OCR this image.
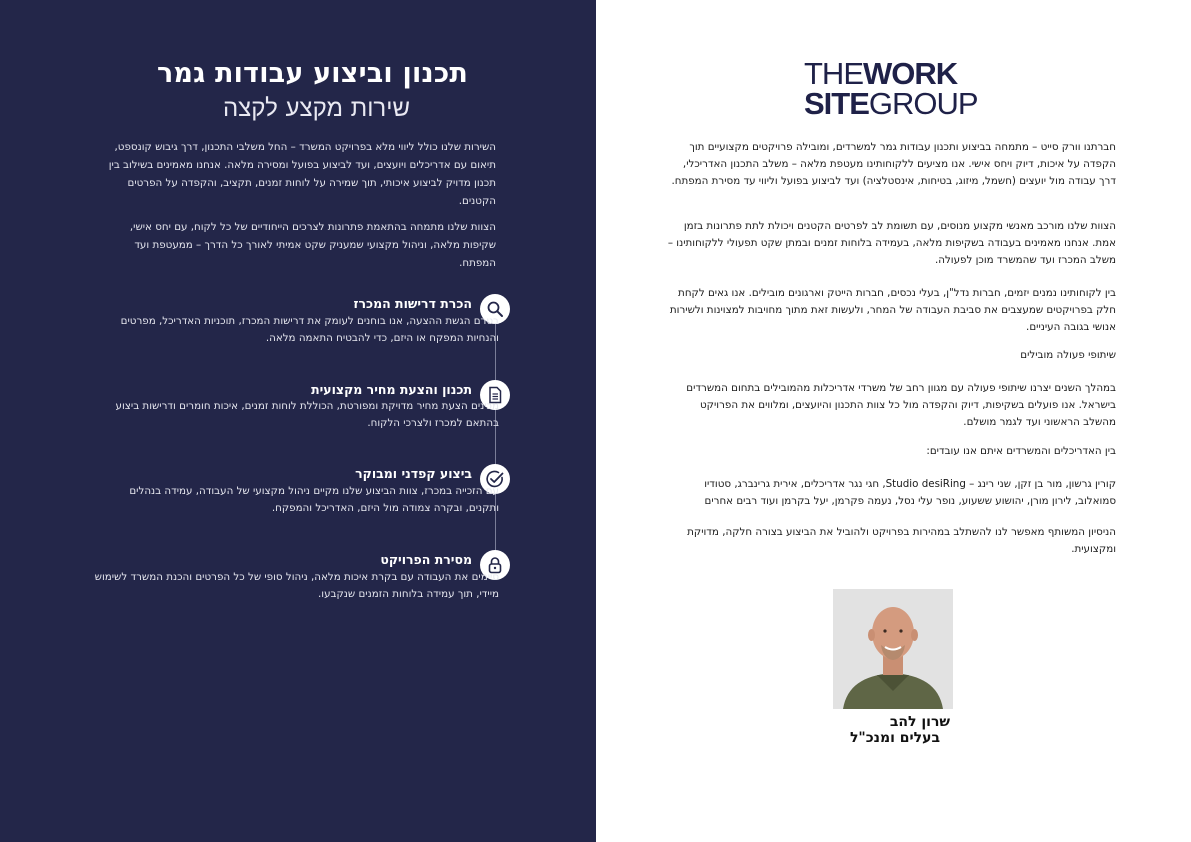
תכנון וביצוע עבודות גמר
שירות מקצע לקצה

השירות שלנו כולל ליווי מלא בפרויקט המשרד – החל משלבי התכנון, דרך גיבוש קונספט, תיאום עם אדריכלים ויועצים, ועד לביצוע בפועל ומסירה מלאה. אנחנו מאמינים בשילוב בין תכנון מדויק לביצוע איכותי, תוך שמירה על לוחות זמנים, תקציב, והקפדה על הפרטים הקטנים.

הצוות שלנו מתמחה בהתאמת פתרונות לצרכים הייחודיים של כל לקוח, עם יחס אישי, שקיפות מלאה, וניהול מקצועי שמעניק שקט אמיתי לאורך כל הדרך – ממעטפת ועד המפתח.

הכרת דרישות המכרז

בטרם הגשת ההצעה, אנו בוחנים לעומק את דרישות המכרז, תוכניות האדריכל, מפרטים והנחיות המפקח או היזם, כדי להבטיח התאמה מלאה.

תכנון והצעת מחיר מקצועית

מכינים הצעת מחיר מדויקת ומפורטת, הכוללת לוחות זמנים, איכות חומרים ודרישות ביצוע בהתאם למכרז ולצרכי הלקוח.

ביצוע קפדני ומבוקר

עם הזכייה במכרז, צוות הביצוע שלנו מקיים ניהול מקצועי של העבודה, עמידה בנהלים ותקנים, ובקרה צמודה מול היזם, האדריכל והמפקח.

מסירת הפרויקט

סיימים את העבודה עם בקרת איכות מלאה, ניהול סופי של כל הפרטים והכנת המשרד לשימוש מיידי, תוך עמידה בלוחות הזמנים שנקבעו.

THEWORK
SITEGROUP

חברתנו וורק סייט – מתמחה בביצוע ותכנון עבודות גמר למשרדים, ומובילה פרויקטים מקצועיים תוך הקפדה על איכות, דיוק ויחס אישי. אנו מציעים ללקוחותינו מעטפת מלאה – משלב התכנון האדריכלי, דרך עבודה מול יועצים (חשמל, מיזוג, בטיחות, אינסטלציה) ועד לביצוע בפועל וליווי עד מסירת המפתח.

הצוות שלנו מורכב מאנשי מקצוע מנוסים, עם תשומת לב לפרטים הקטנים ויכולת לתת פתרונות בזמן אמת. אנחנו מאמינים בעבודה בשקיפות מלאה, בעמידה בלוחות זמנים ובמתן שקט תפעולי ללקוחותינו – משלב המכרז ועד שהמשרד מוכן לפעולה.

בין לקוחותינו נמנים יזמים, חברות נדל"ן, בעלי נכסים, חברות הייטק וארגונים מובילים. אנו גאים לקחת חלק בפרויקטים שמעצבים את סביבת העבודה של המחר, ולעשות זאת מתוך מחויבות למצוינות ולשירות אנושי בגובה העיניים.

שיתופי פעולה מובילים

במהלך השנים יצרנו שיתופי פעולה עם מגוון רחב של משרדי אדריכלות מהמובילים בתחום המשרדים בישראל. אנו פועלים בשקיפות, דיוק והקפדה מול כל צוות התכנון והיועצים, ומלווים את הפרויקט מהשלב הראשוני ועד לגמר מושלם.

בין האדריכלים והמשרדים איתם אנו עובדים:

קורין גרשון, מור בן זקן, שני רינג – Studio desiRing, חגי נגר אדריכלים, אירית גרינברג, סטודיו סמואלוב, לירון מורן, יהושוע ששעוע, נופר עלי נסל, נעמה פקרמן, יעל בקרמן ועוד רבים אחרים

הניסיון המשותף מאפשר לנו להשתלב במהירות בפרויקט ולהוביל את הביצוע בצורה חלקה, מדויקת ומקצועית.

שרון להב
בעלים ומנכ"ל
